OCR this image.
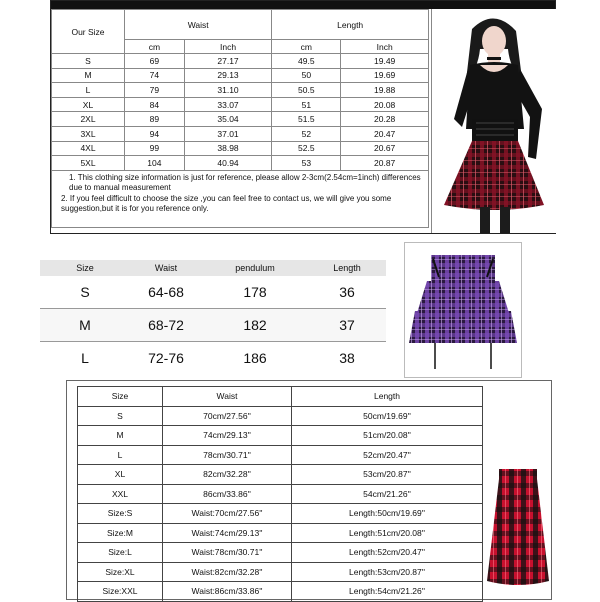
Our Size	Waist		Length	
	cm	Inch	cm	Inch
S	69	27.17	49.5	19.49
M	74	29.13	50	19.69
L	79	31.10	50.5	19.88
XL	84	33.07	51	20.08
2XL	89	35.04	51.5	20.28
3XL	94	37.01	52	20.47
4XL	99	38.98	52.5	20.67
5XL	104	40.94	53	20.87

1. This clothing size information is just for reference, please allow 2-3cm(2.54cm=1inch) differences due to manual measurement
2. If you feel difficult to choose the size ,you can feel free to contact us, we will give you some suggestion,but it is for you reference only.				
Size	Waist	pendulum	Length
S	64-68	178	36
M	68-72	182	37
L	72-76	186	38
Size	Waist	Length
S	70cm/27.56''	50cm/19.69''
M	74cm/29.13''	51cm/20.08''
L	78cm/30.71''	52cm/20.47''
XL	82cm/32.28''	53cm/20.87''
XXL	86cm/33.86''	54cm/21.26''
Size:S	Waist:70cm/27.56''	Length:50cm/19.69''
Size:M	Waist:74cm/29.13''	Length:51cm/20.08''
Size:L	Waist:78cm/30.71''	Length:52cm/20.47''
Size:XL	Waist:82cm/32.28''	Length:53cm/20.87''
Size:XXL	Waist:86cm/33.86''	Length:54cm/21.26''
